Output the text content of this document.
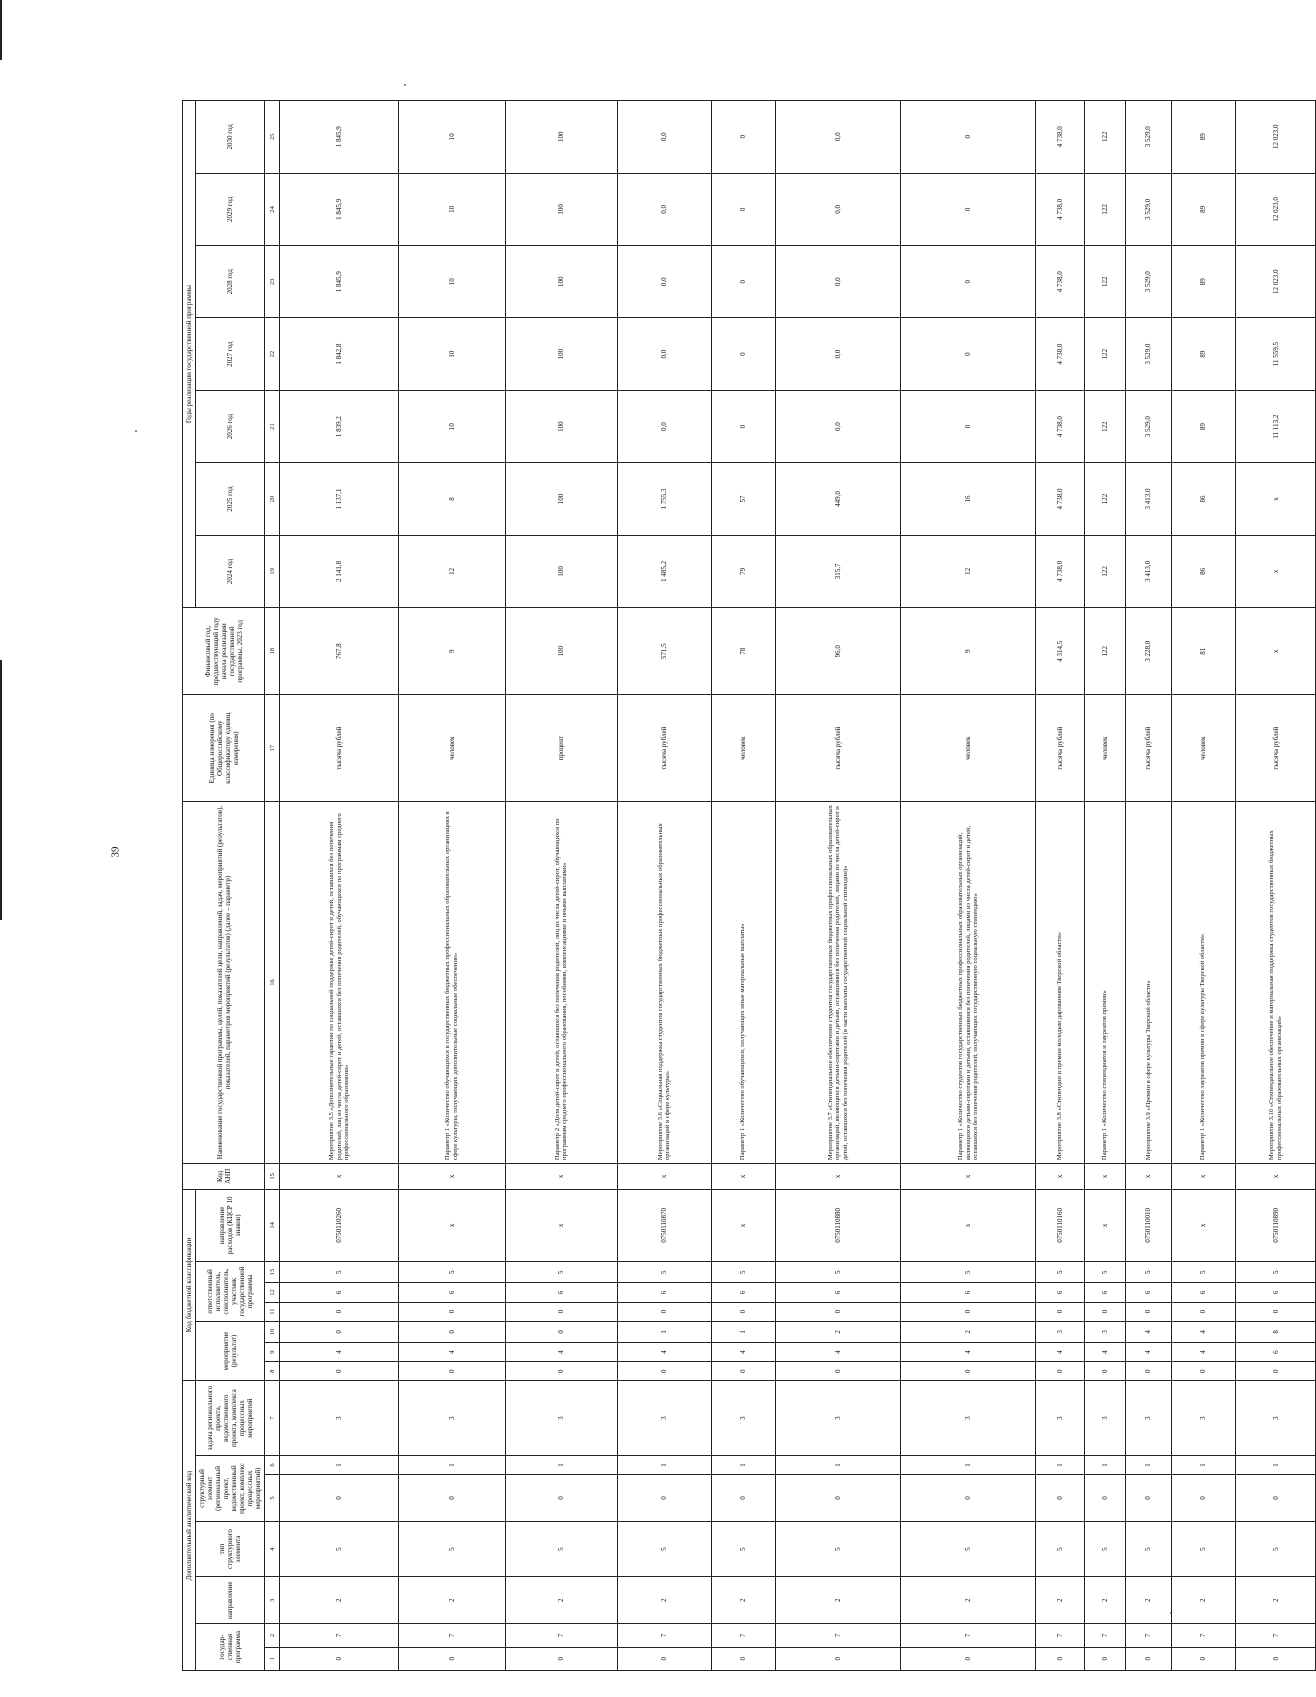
39
Дополнительный аналитический код							Код бюджетной классификации							Код АНП	Наименование государственной программы, целей, показателей цели, направлений, задач, мероприятий (результатов), показателей, параметров мероприятий (результатов) (далее – параметр)	Единица измерения (по Общероссийскому классификатору единиц измерения)	Финансовый год, предшествующий году начала реализации государственной программы, 2023 год	Годы реализации государственной программы						
государ-ственная программа		направление	тип структурного элемента	структурный элемент (региональный проект, ведомственный проект, комплекс процессных мероприятий)		задача регионального проекта, ведомственного проекта, комплекса процессных мероприятий	мероприятие (результат)			ответственный исполнитель, соисполнитель, участник государственной программы			направление расходов (КЦСР 10 знаков)					2024 год	2025 год	2026 год	2027 год	2028 год	2029 год	2030 год

1	2	3	4	5	6	7	8	9	10	11	12	13	14	15	16	17	18	19	20	21	22	23	24	25
0	7	2	5	0	1	3	0	4	0	0	6	5	0750110260	x	Мероприятие 3.5 «Дополнительные гарантии по социальной поддержке детей-сирот и детей, оставшихся без попечения родителей, лиц из числа детей-сирот и детей, оставшихся без попечения родителей, обучающихся по программам среднего профессионального образования»	тысяча рублей	767,8	2 141,8	1 137,1	1 839,2	1 842,8	1 845,9	1 845,9	1 845,9
0	7	2	5	0	1	3	0	4	0	0	6	5	x	x	Параметр 1 «Количество обучающихся в государственных бюджетных профессиональных образовательных организациях в сфере культуры, получающих дополнительные социальные обеспечение»	человек	9	12	8	10	10	10	10	10
0	7	2	5	0	1	3	0	4	0	0	6	5	x	x	Параметр 2 «Доля детей-сирот и детей, оставшихся без попечения родителей, лиц из числа детей-сирот, обучающихся по программам среднего профессионального образования, пособиями, компенсациями и иными выплатами»	процент	100	100	100	100	100	100	100	100
0	7	2	5	0	1	3	0	4	1	0	6	5	0750110870	x	Мероприятие 3.6 «Социальная поддержка студентов государственных бюджетных профессиональных образовательных организаций в сфере культуры»	тысяча рублей	571,5	1 485,2	1 755,3	0,0	0,0	0,0	0,0	0,0
0	7	2	5	0	1	3	0	4	1	0	6	5	x	x	Параметр 1 «Количество обучающихся, получающих иные материальные выплаты»	человек	78	79	57	0	0	0	0	0
0	7	2	5	0	1	3	0	4	2	0	6	5	0750110880	x	Мероприятие 3.7 «Стипендиальное обеспечение студентов государственных бюджетных профессиональных образовательных организаций, являющихся детьми-сиротами и детьми, оставшимися без попечения родителей, лицами из числа детей-сирот и детей, оставшихся без попечения родителей (в части выплаты государственной социальной стипендии)»	тысяча рублей	96,0	315,7	449,0	0,0	0,0	0,0	0,0	0,0
0	7	2	5	0	1	3	0	4	2	0	6	5	x	x	Параметр 1 «Количество студентов государственных бюджетных профессиональных образовательных организаций, являющихся детьми-сиротами и детьми, оставшимися без попечения родителей, лицами из числа детей-сирот и детей, оставшихся без попечения родителей, получающих государственную социальную стипендию»	человек	9	12	16	0	0	0	0	0
0	7	2	5	0	1	3	0	4	3	0	6	5	0750110160	x	Мероприятие 3.8 «Стипендии и премии молодым дарованиям Тверской области»	тысяча рублей	4 314,5	4 738,0	4 738,0	4 738,0	4 738,0	4 738,0	4 738,0	4 738,0
0	7	2	5	0	1	3	0	4	3	0	6	5	x	x	Параметр 1 «Количество стипендиатов и лауреатов премии»	человек	122	122	122	122	122	122	122	122
0	7	2	5	0	1	3	0	4	4	0	6	5	0750110010	x	Мероприятие 3.9 «Премии в сфере культуры Тверской области»	тысяча рублей	3 228,0	3 413,0	3 413,0	3 529,0	3 529,0	3 529,0	3 529,0	3 529,0
0	7	2	5	0	1	3	0	4	4	0	6	5	x	x	Параметр 1 «Количество лауреатов премии в сфере культуры Тверской области»	человек	81	86	86	89	89	89	89	89
0	7	2	5	0	1	3	0	6	8	0	6	5	0750110890	x	Мероприятие 3.10 «Стипендиальное обеспечение и материальная поддержка студентов государственных бюджетных профессиональных образовательных организаций»	тысяча рублей	x	x	x	11 113,2	11 559,5	12 023,0	12 023,0	12 023,0
